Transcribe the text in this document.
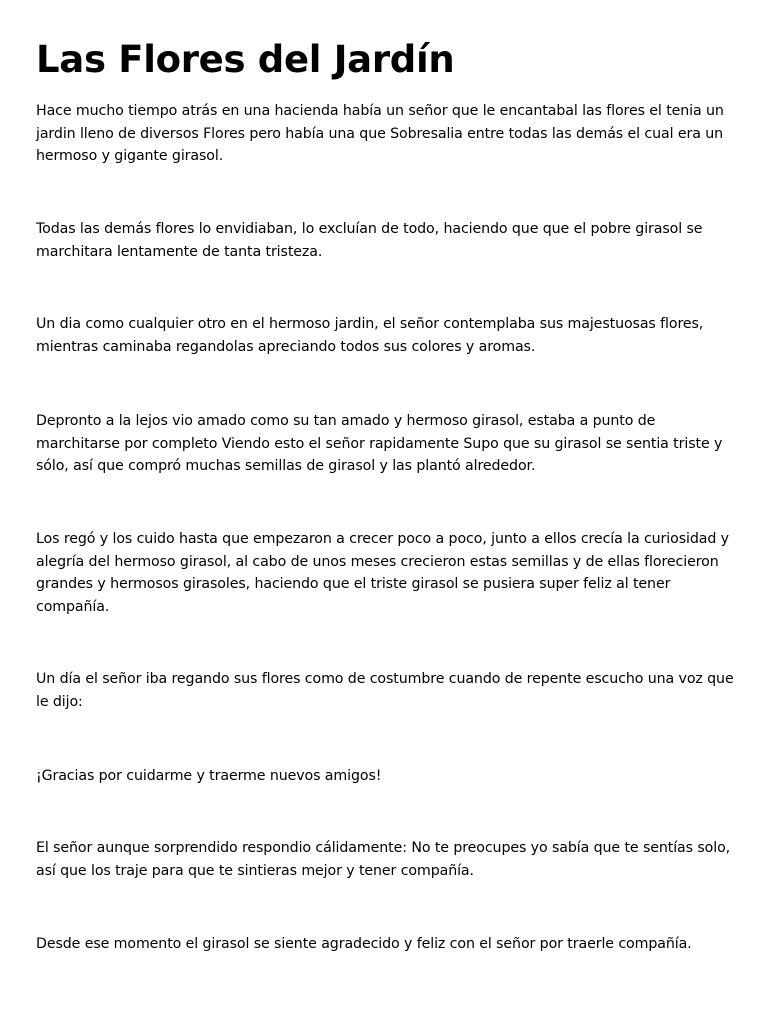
Las Flores del Jardín

Hace mucho tiempo atrás en una hacienda había un señor que le encantabal las flores el tenia un jardin lleno de diversos Flores pero había una que Sobresalia entre todas las demás el cual era un hermoso y gigante girasol.

Todas las demás flores lo envidiaban, lo excluían de todo, haciendo que que el pobre girasol se marchitara lentamente de tanta tristeza.

Un dia como cualquier otro en el hermoso jardin, el señor contemplaba sus majestuosas flores, mientras caminaba regandolas apreciando todos sus colores y aromas.

Depronto a la lejos vio amado como su tan amado y hermoso girasol, estaba a punto de marchitarse por completo Viendo esto el señor rapidamente Supo que su girasol se sentia triste y sólo, así que compró muchas semillas de girasol y las plantó alrededor.

Los regó y los cuido hasta que empezaron a crecer poco a poco, junto a ellos crecía la curiosidad y alegría del hermoso girasol, al cabo de unos meses crecieron estas semillas y de ellas florecieron grandes y hermosos girasoles, haciendo que el triste girasol se pusiera super feliz al tener compañía.

Un día el señor iba regando sus flores como de costumbre cuando de repente escucho una voz que le dijo:

¡Gracias por cuidarme y traerme nuevos amigos!

El señor aunque sorprendido respondio cálidamente: No te preocupes yo sabía que te sentías solo, así que los traje para que te sintieras mejor y tener compañía.

Desde ese momento el girasol se siente agradecido y feliz con el señor por traerle compañía.
